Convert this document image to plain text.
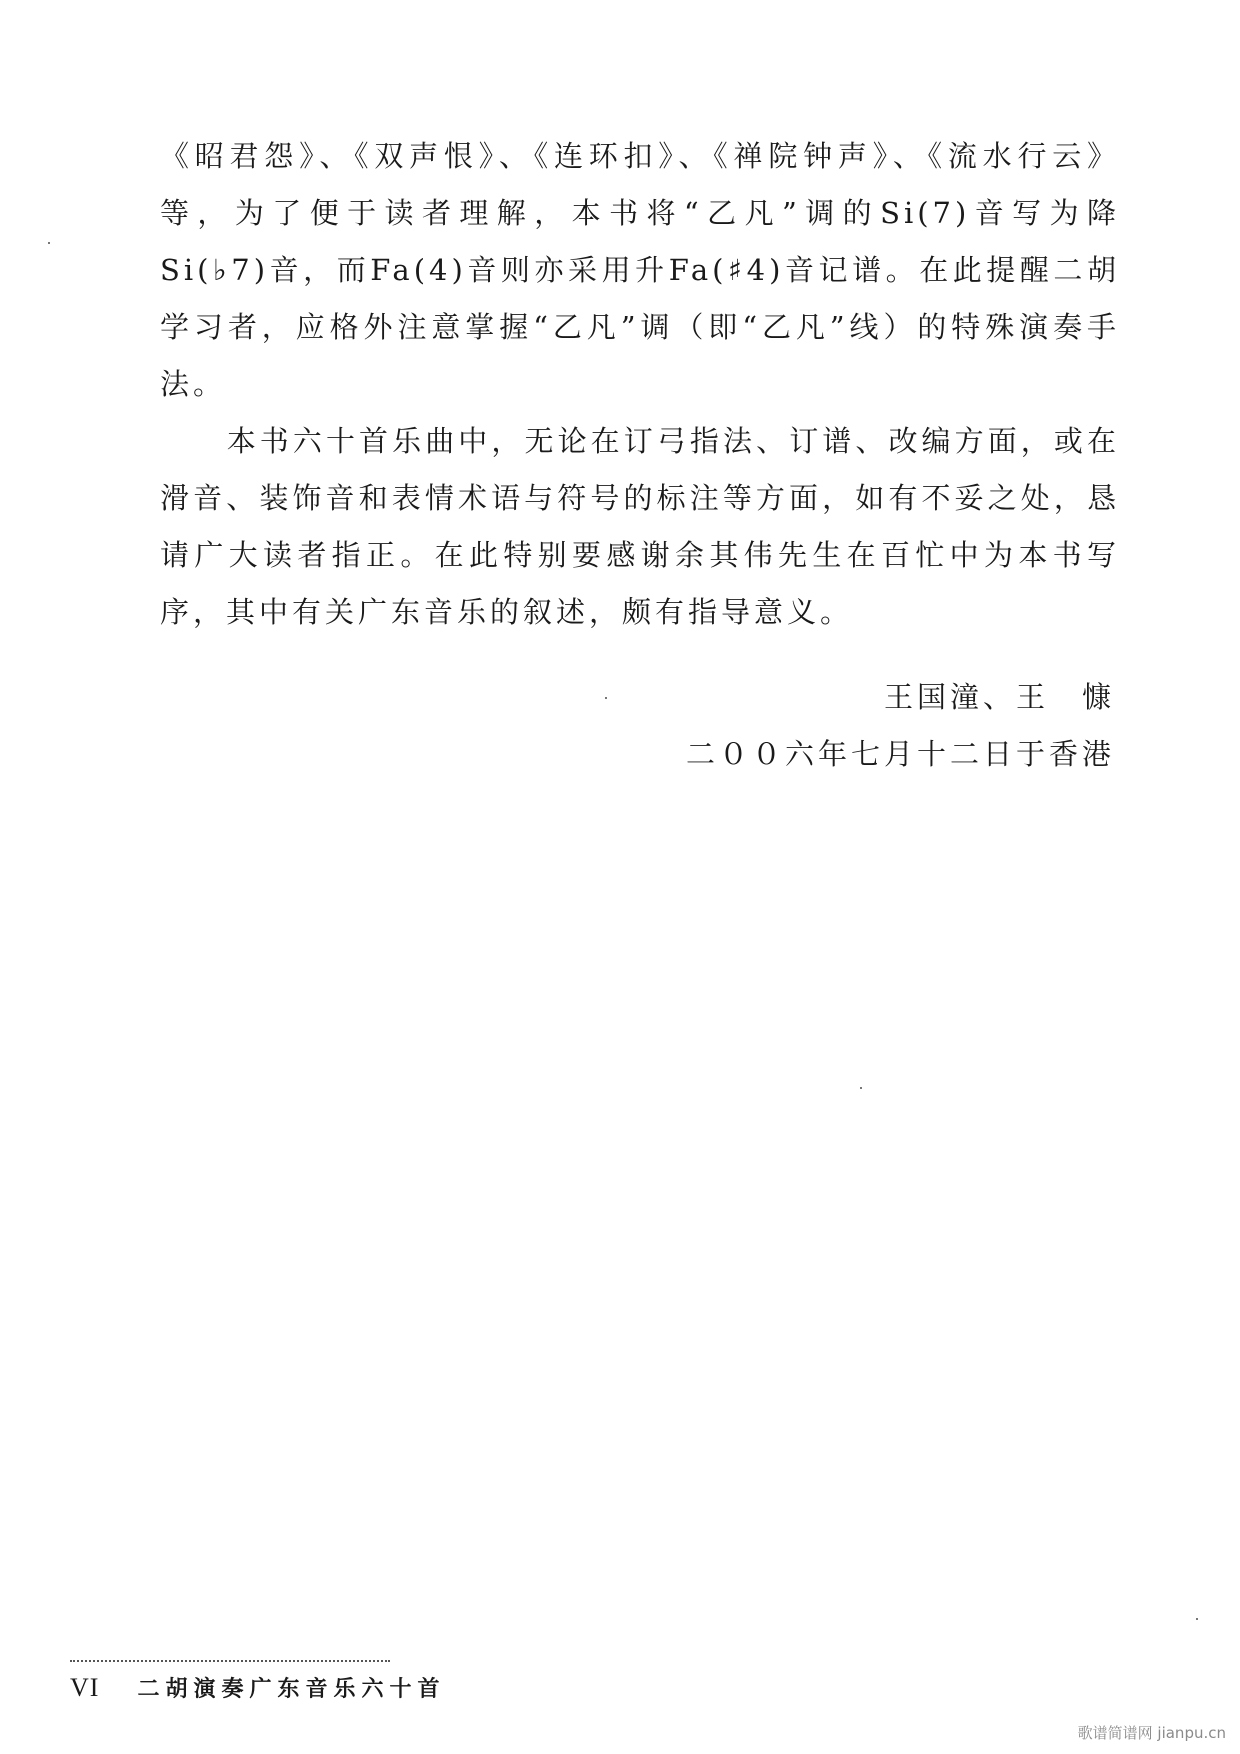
《昭君怨》、《双声恨》、《连环扣》、《禅院钟声》、《流水行云》等，为了便于读者理解，本书将“乙凡”调的Si(7)音写为降Si(♭7)音，而Fa(4)音则亦采用升Fa(♯4)音记谱。在此提醒二胡学习者，应格外注意掌握“乙凡”调（即“乙凡”线）的特殊演奏手法。

本书六十首乐曲中，无论在订弓指法、订谱、改编方面，或在滑音、装饰音和表情术语与符号的标注等方面，如有不妥之处，恳请广大读者指正。在此特别要感谢余其伟先生在百忙中为本书写序，其中有关广东音乐的叙述，颇有指导意义。

王国潼、王　慷
二００六年七月十二日于香港
VI 二胡演奏广东音乐六十首
歌谱简谱网 jianpu.cn
